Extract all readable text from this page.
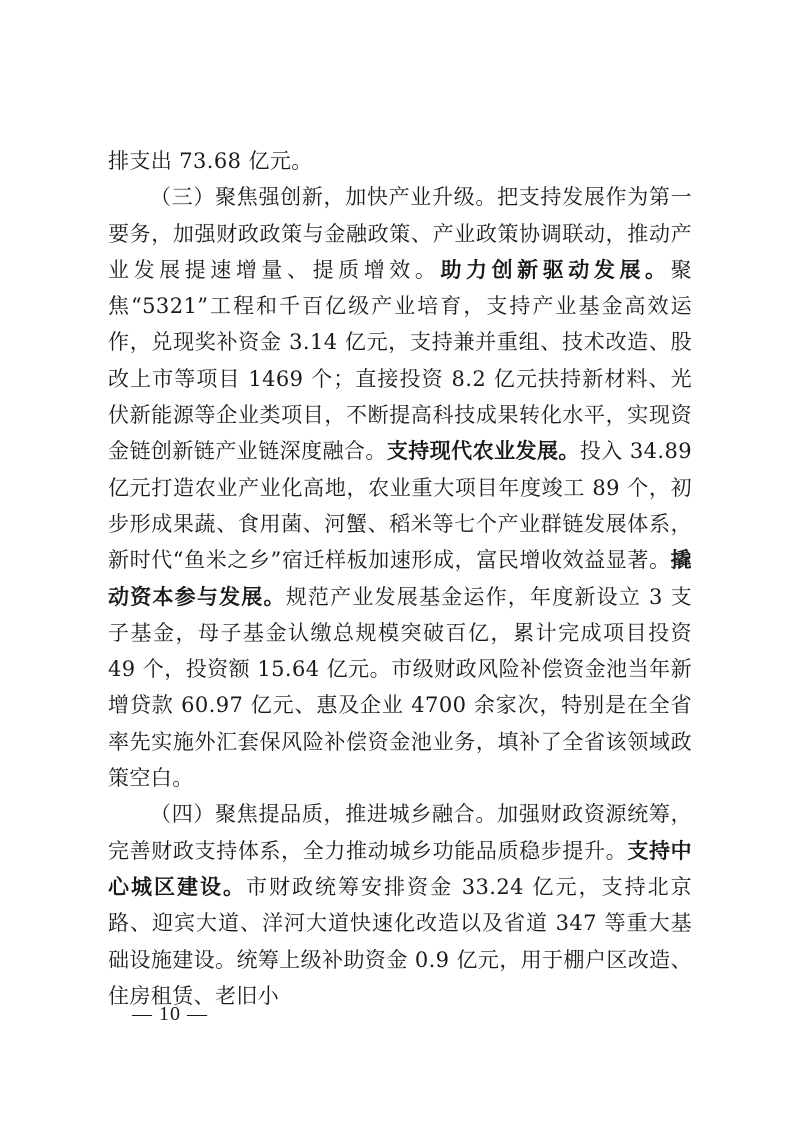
排支出 73.68 亿元。

（三）聚焦强创新，加快产业升级。把支持发展作为第一要务，加强财政政策与金融政策、产业政策协调联动，推动产业发展提速增量、提质增效。助力创新驱动发展。聚焦“5321”工程和千百亿级产业培育，支持产业基金高效运作，兑现奖补资金 3.14 亿元，支持兼并重组、技术改造、股改上市等项目 1469 个；直接投资 8.2 亿元扶持新材料、光伏新能源等企业类项目，不断提高科技成果转化水平，实现资金链创新链产业链深度融合。支持现代农业发展。投入 34.89 亿元打造农业产业化高地，农业重大项目年度竣工 89 个，初步形成果蔬、食用菌、河蟹、稻米等七个产业群链发展体系，新时代“鱼米之乡”宿迁样板加速形成，富民增收效益显著。撬动资本参与发展。规范产业发展基金运作，年度新设立 3 支子基金，母子基金认缴总规模突破百亿，累计完成项目投资 49 个，投资额 15.64 亿元。市级财政风险补偿资金池当年新增贷款 60.97 亿元、惠及企业 4700 余家次，特别是在全省率先实施外汇套保风险补偿资金池业务，填补了全省该领域政策空白。

（四）聚焦提品质，推进城乡融合。加强财政资源统筹，完善财政支持体系，全力推动城乡功能品质稳步提升。支持中心城区建设。市财政统筹安排资金 33.24 亿元，支持北京路、迎宾大道、洋河大道快速化改造以及省道 347 等重大基础设施建设。统筹上级补助资金 0.9 亿元，用于棚户区改造、住房租赁、老旧小

— 10 —
